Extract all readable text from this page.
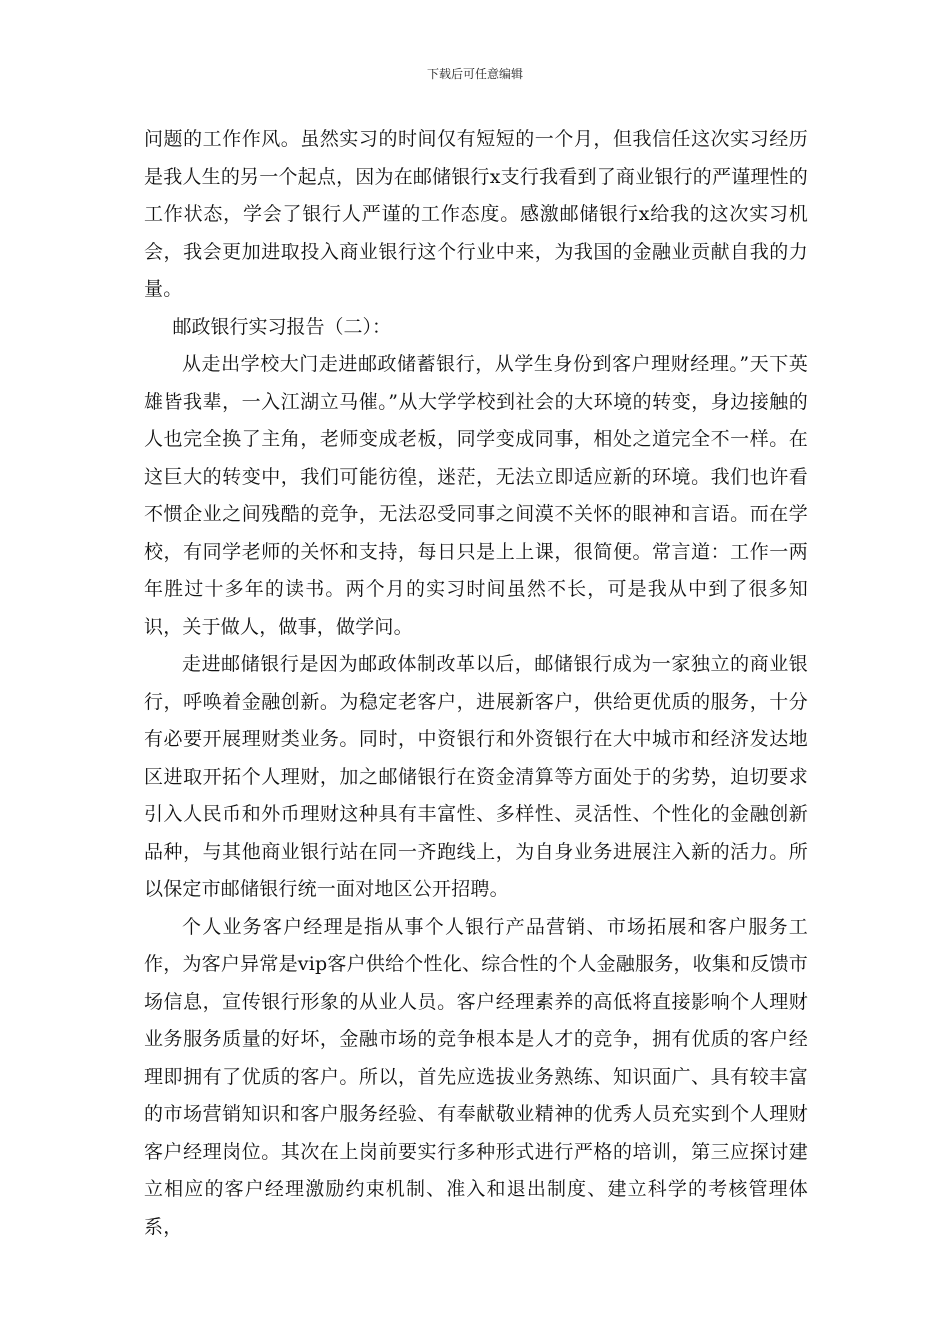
下载后可任意编辑

问题的工作作风。虽然实习的时间仅有短短的一个月，但我信任这次实习经历是我人生的另一个起点，因为在邮储银行x支行我看到了商业银行的严谨理性的工作状态，学会了银行人严谨的工作态度。感激邮储银行x给我的这次实习机会，我会更加进取投入商业银行这个行业中来，为我国的金融业贡献自我的力量。

邮政银行实习报告（二）：

从走出学校大门走进邮政储蓄银行，从学生身份到客户理财经理。”天下英雄皆我辈，一入江湖立马催。”从大学学校到社会的大环境的转变，身边接触的人也完全换了主角，老师变成老板，同学变成同事，相处之道完全不一样。在这巨大的转变中，我们可能彷徨，迷茫，无法立即适应新的环境。我们也许看不惯企业之间残酷的竞争，无法忍受同事之间漠不关怀的眼神和言语。而在学校，有同学老师的关怀和支持，每日只是上上课，很简便。常言道：工作一两年胜过十多年的读书。两个月的实习时间虽然不长，可是我从中到了很多知识，关于做人，做事，做学问。

走进邮储银行是因为邮政体制改革以后，邮储银行成为一家独立的商业银行，呼唤着金融创新。为稳定老客户，进展新客户，供给更优质的服务，十分有必要开展理财类业务。同时，中资银行和外资银行在大中城市和经济发达地区进取开拓个人理财，加之邮储银行在资金清算等方面处于的劣势，迫切要求引入人民币和外币理财这种具有丰富性、多样性、灵活性、个性化的金融创新品种，与其他商业银行站在同一齐跑线上，为自身业务进展注入新的活力。所以保定市邮储银行统一面对地区公开招聘。

个人业务客户经理是指从事个人银行产品营销、市场拓展和客户服务工作，为客户异常是vip客户供给个性化、综合性的个人金融服务，收集和反馈市场信息，宣传银行形象的从业人员。客户经理素养的高低将直接影响个人理财业务服务质量的好坏，金融市场的竞争根本是人才的竞争，拥有优质的客户经理即拥有了优质的客户。所以，首先应选拔业务熟练、知识面广、具有较丰富的市场营销知识和客户服务经验、有奉献敬业精神的优秀人员充实到个人理财客户经理岗位。其次在上岗前要实行多种形式进行严格的培训，第三应探讨建立相应的客户经理激励约束机制、准入和退出制度、建立科学的考核管理体系，
